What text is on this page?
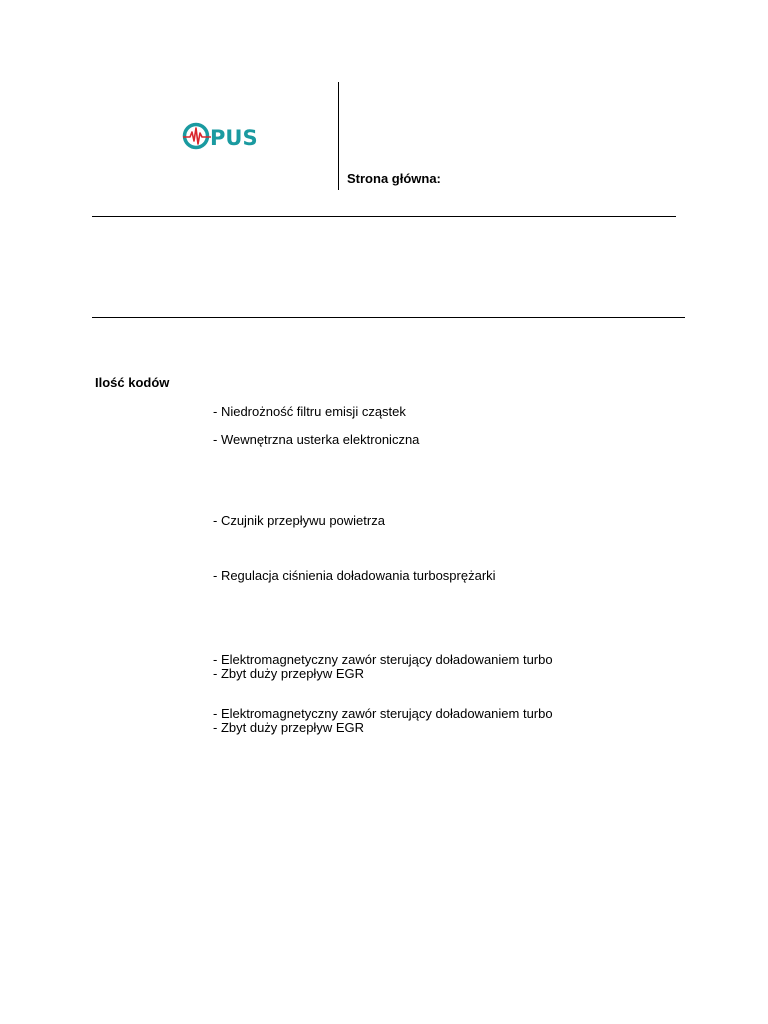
PUS
Strona główna:
Ilość kodów
- Niedrożność filtru emisji cząstek
- Wewnętrzna usterka elektroniczna
- Czujnik przepływu powietrza
- Regulacja ciśnienia doładowania turbosprężarki
- Elektromagnetyczny zawór sterujący doładowaniem turbo
- Zbyt duży przepływ EGR
- Elektromagnetyczny zawór sterujący doładowaniem turbo
- Zbyt duży przepływ EGR
